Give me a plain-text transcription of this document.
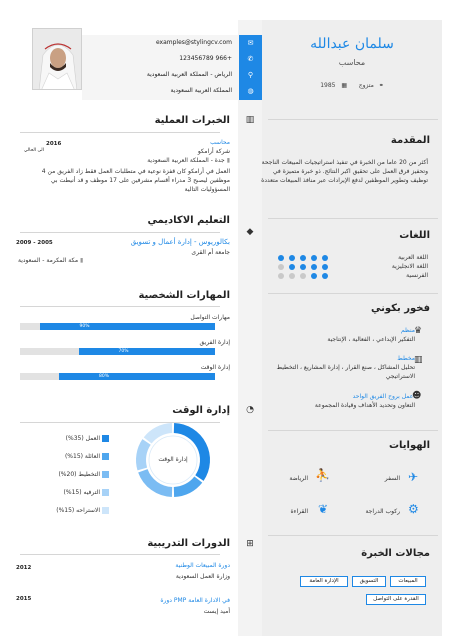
examples@stylingcv.com
123456789 966+
الرياض - المملكة العربية السعودية
المملكة العربية السعودية
✉
✆
⚲
◍
سلمان عبدالله
محاسب
1985 ▦ متزوج ⚭
الخبرات العملية	▥
2016
الى الحالي
محاسب
شركة أرامكو
جدة - المملكة العربية السعودية ▮
العمل في أرامكو كان قفزة نوعية في متطلبات العمل فقط زاد الفريق من 4 موظفين ليصبح 3 مدراء أقسام مشرفين على 17 موظف و قد أنيطت بي المسؤوليات التالية
التعليم الاكاديمي
◆
2009 - 2005	بكالوريوس - إدارة أعمال و تسويق
جامعة أم القرى
مكة المكرمة - السعودية ▮
المهارات الشخصية
مهارات التواصل
90%
إدارة الفريق
70%
إدارة الوقت
80%
إدارة الوقت	◔
إدارة الوقت
العمل (35%)
العائلة (15%)
التخطيط (20%)
الترفيه (15%)
الاستراحه (15%)
الدورات التدريبية	⊞
2012	دورة المبيعات الوطنية
وزارة العمل السعودية
2015	دورة PMP في الادارة العامة
أميد إيست
المقدمة
أكثر من 20 عاما من الخبرة في تنفيذ استراتيجيات المبيعات الناجحة وتحفيز فرق العمل على تحقيق اكبر النتائج. ذو خبرة متميزة في توظيف وتطوير الموظفين لدفع الإيرادات عبر منافذ المبيعات متعددة
اللغات
اللغة العربية
اللغة الانجليزية
الفرنسية
فخور بكوني
منظم
التفكير الإبداعي ، الفعالية ، الإنتاجية
♛
مخطط
تحليل المشاكل ، صنع القرار ، إدارة المشاريع ، التخطيط الاستراتيجي
▥
اعمل بروح الفريق الواحد
التعاون وتحديد الأهداف وقيادة المجموعة
☻
الهوايات
السفر ✈
الرياضة ⛹
ركوب الدراجة ⚙
القراءة ❦
مجالات الخبرة
المبيعات
التسويق
الإدارة العامة
القدرة على التواصل
